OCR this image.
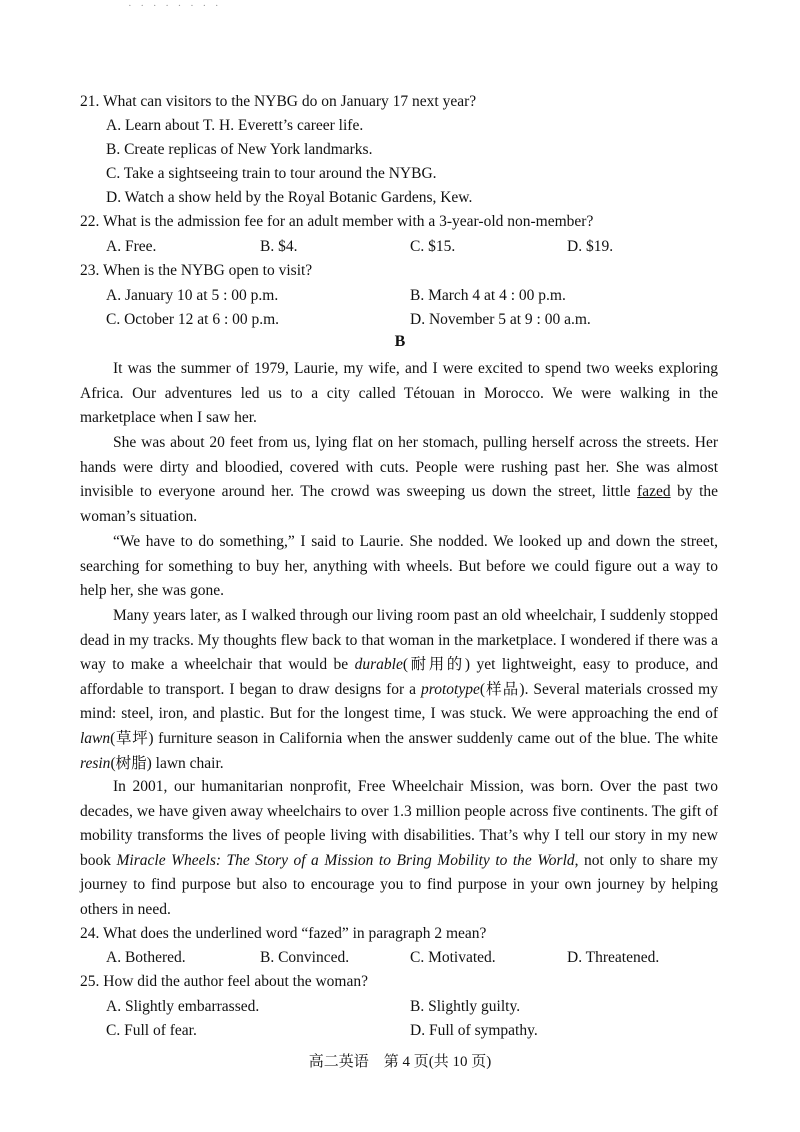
· · · · · · · ·
21. What can visitors to the NYBG do on January 17 next year?
A. Learn about T. H. Everett’s career life.
B. Create replicas of New York landmarks.
C. Take a sightseeing train to tour around the NYBG.
D. Watch a show held by the Royal Botanic Gardens, Kew.
22. What is the admission fee for an adult member with a 3-year-old non-member?
A. Free.	B. $4.	C. $15.	D. $19.
23. When is the NYBG open to visit?
A. January 10 at 5 : 00 p.m.	B. March 4 at 4 : 00 p.m.
C. October 12 at 6 : 00 p.m.	D. November 5 at 9 : 00 a.m.
B
It was the summer of 1979, Laurie, my wife, and I were excited to spend two weeks exploring Africa. Our adventures led us to a city called Tétouan in Morocco. We were walking in the marketplace when I saw her.
She was about 20 feet from us, lying flat on her stomach, pulling herself across the streets. Her hands were dirty and bloodied, covered with cuts. People were rushing past her. She was almost invisible to everyone around her. The crowd was sweeping us down the street, little fazed by the woman’s situation.
“We have to do something,” I said to Laurie. She nodded. We looked up and down the street, searching for something to buy her, anything with wheels. But before we could figure out a way to help her, she was gone.
Many years later, as I walked through our living room past an old wheelchair, I suddenly stopped dead in my tracks. My thoughts flew back to that woman in the marketplace. I wondered if there was a way to make a wheelchair that would be durable(耐用的) yet lightweight, easy to produce, and affordable to transport. I began to draw designs for a prototype(样品). Several materials crossed my mind: steel, iron, and plastic. But for the longest time, I was stuck. We were approaching the end of lawn(草坪) furniture season in California when the answer suddenly came out of the blue. The white resin(树脂) lawn chair.
In 2001, our humanitarian nonprofit, Free Wheelchair Mission, was born. Over the past two decades, we have given away wheelchairs to over 1.3 million people across five continents. The gift of mobility transforms the lives of people living with disabilities. That’s why I tell our story in my new book Miracle Wheels: The Story of a Mission to Bring Mobility to the World, not only to share my journey to find purpose but also to encourage you to find purpose in your own journey by helping others in need.
24. What does the underlined word “fazed” in paragraph 2 mean?
A. Bothered.	B. Convinced.	C. Motivated.	D. Threatened.
25. How did the author feel about the woman?
A. Slightly embarrassed.	B. Slightly guilty.
C. Full of fear.	D. Full of sympathy.
高二英语　第 4 页(共 10 页)
